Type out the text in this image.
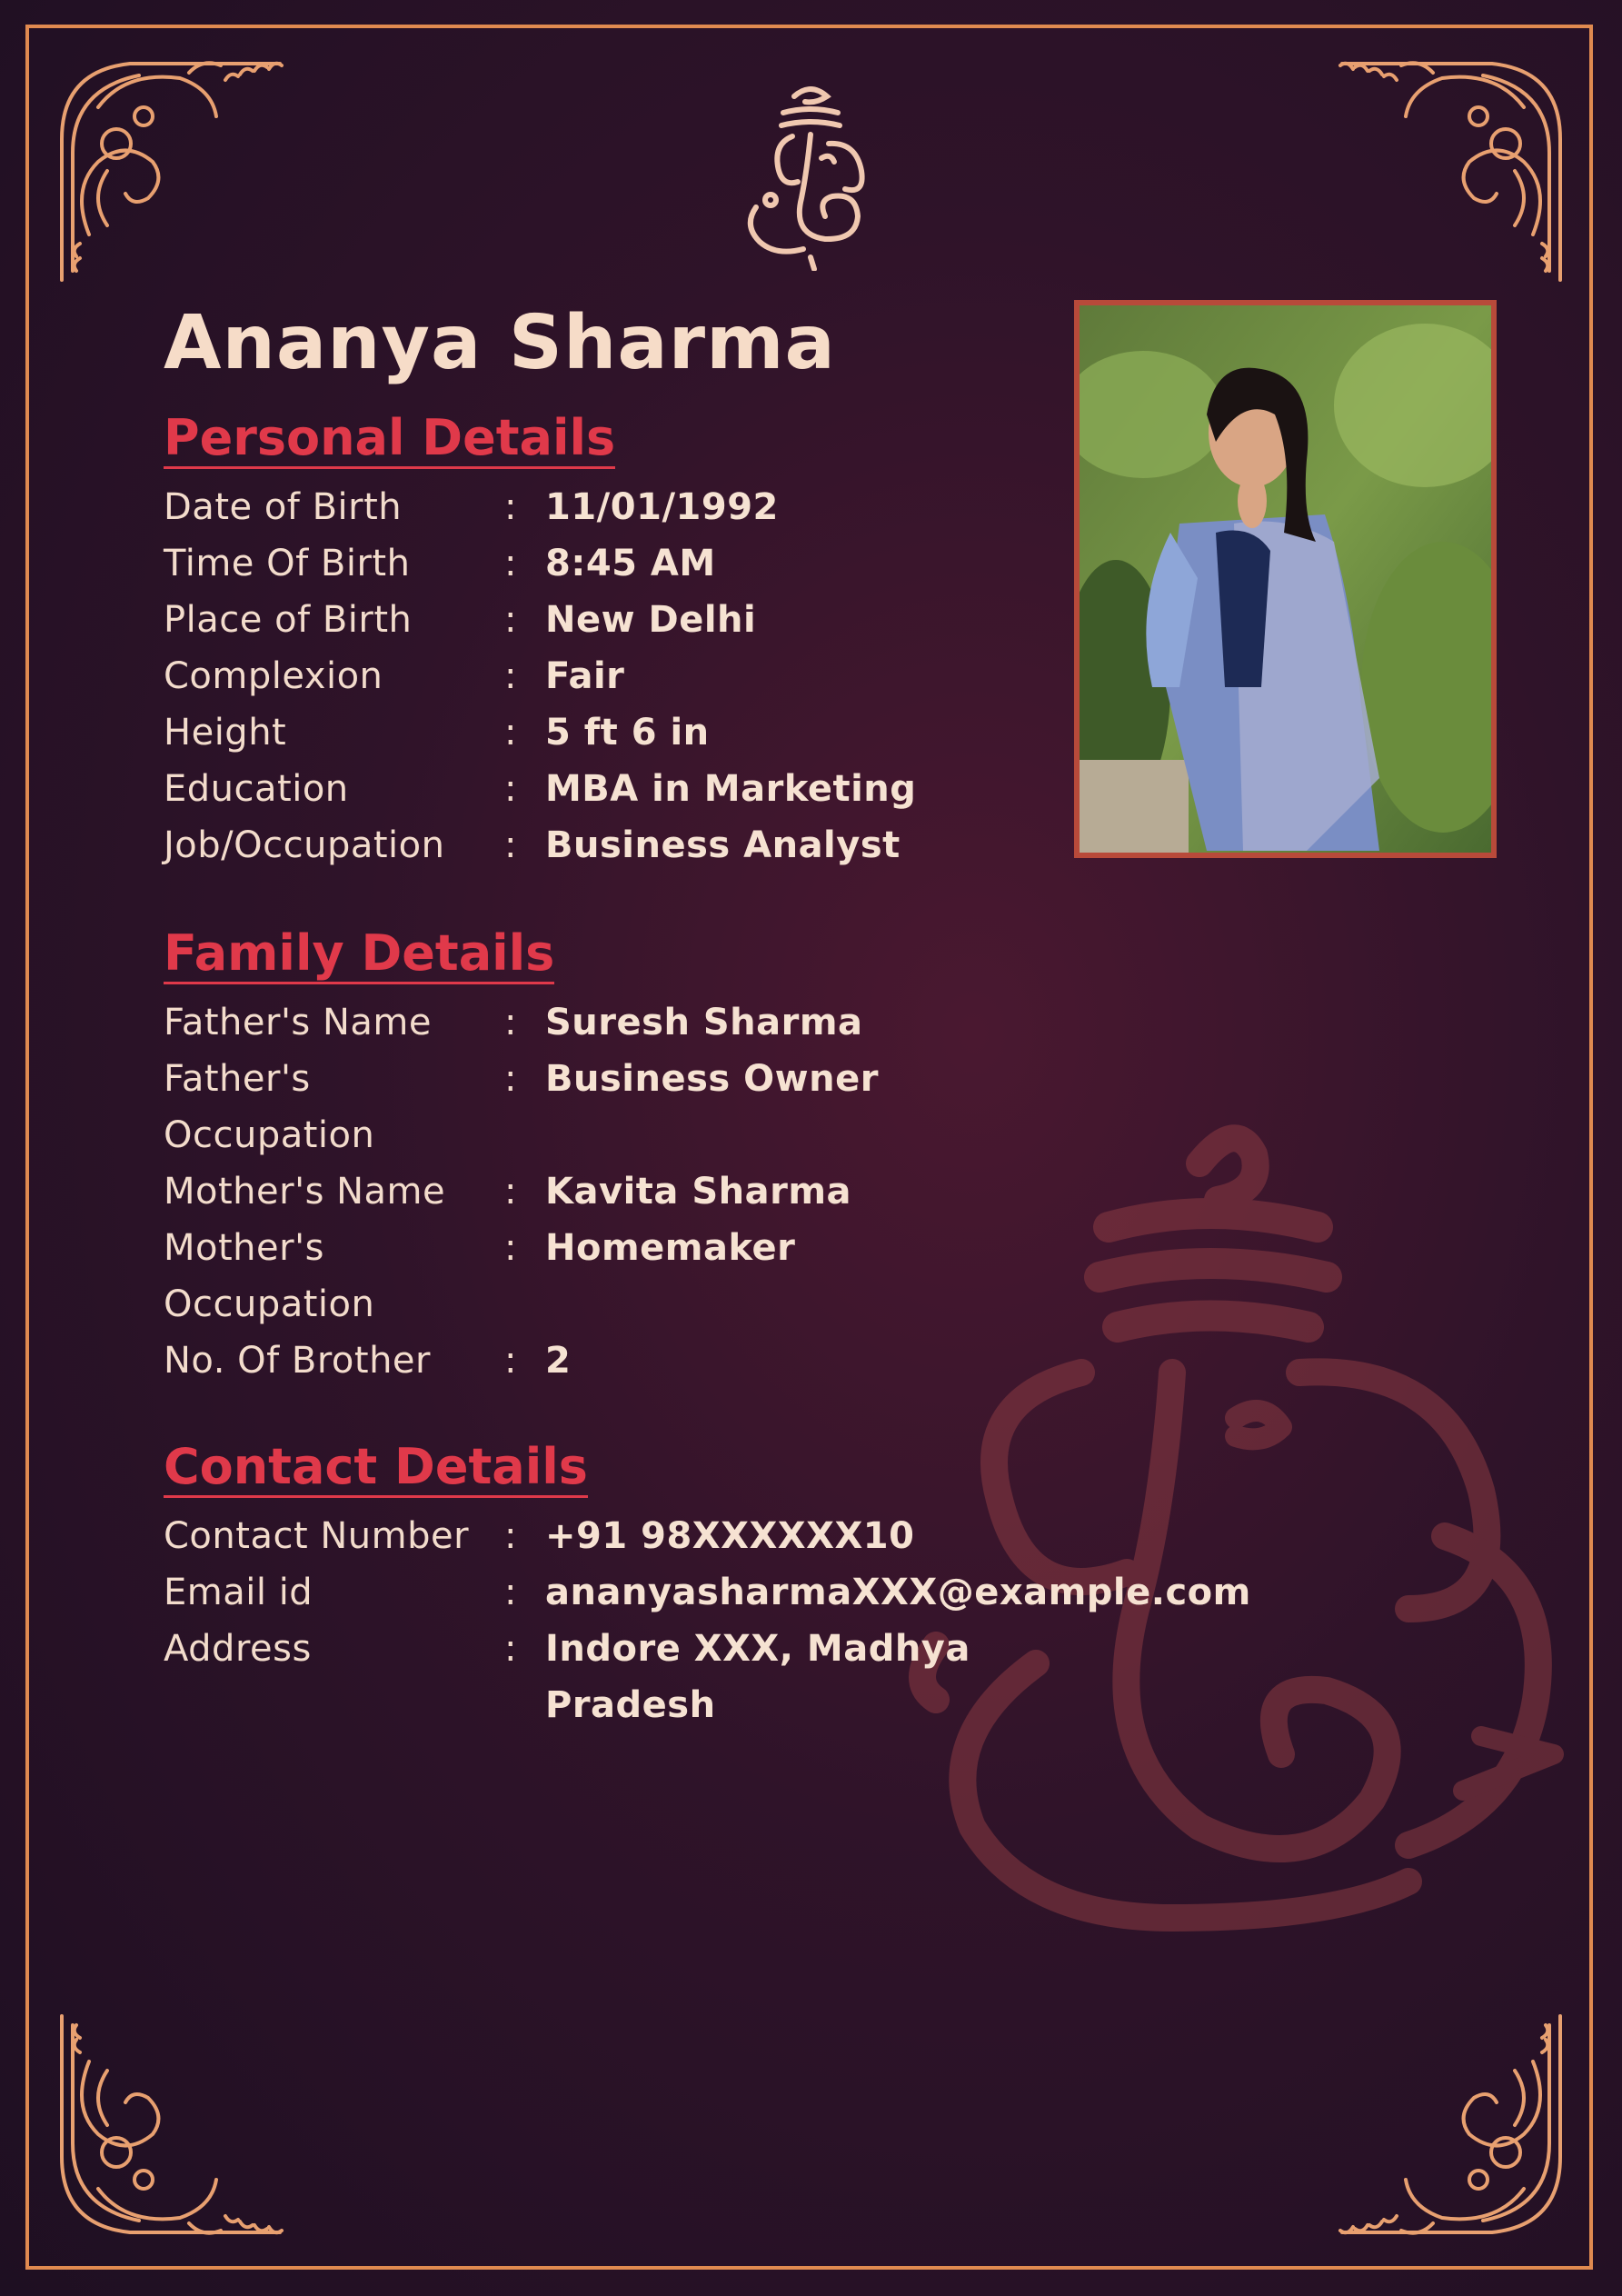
Ananya Sharma
Personal Details
Date of Birth	: 11/01/1992
Time Of Birth	: 8:45 AM
Place of Birth	: New Delhi
Complexion	: Fair
Height	: 5 ft 6 in
Education	: MBA in Marketing
Job/Occupation	: Business Analyst
Family Details
Father's Name	: Suresh Sharma
Father's Occupation
: Business Owner
Mother's Name	: Kavita Sharma
Mother's Occupation
: Homemaker
No. Of Brother	: 2
Contact Details
Contact Number : +91 98XXXXXX10
Email id	: ananyasharmaXXX@example.com
Address	: Indore XXX, Madhya Pradesh
